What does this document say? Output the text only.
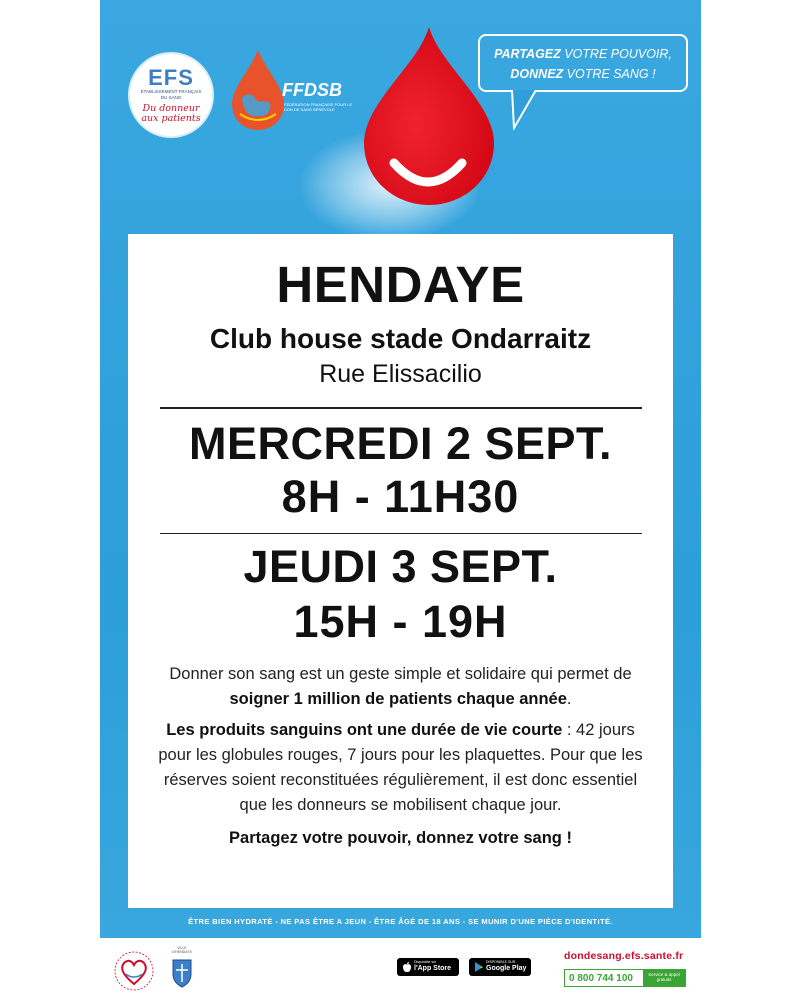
EFS
ÉTABLISSEMENT FRANÇAIS DU SANG
Du donneur
aux patients
FFDSB
FÉDÉRATION FRANÇAISE POUR LE DON DE SANG BÉNÉVOLE
PARTAGEZ VOTRE POUVOIR,
DONNEZ VOTRE SANG !
HENDAYE
Club house stade Ondarraitz
Rue Elissacilio
MERCREDI 2 SEPT.
8H - 11H30
JEUDI 3 SEPT.
15H - 19H
Donner son sang est un geste simple et solidaire qui permet de soigner 1 million de patients chaque année.
Les produits sanguins ont une durée de vie courte : 42 jours pour les globules rouges, 7 jours pour les plaquettes. Pour que les réserves soient reconstituées régulièrement, il est donc essentiel que les donneurs se mobilisent chaque jour.
Partagez votre pouvoir, donnez votre sang !
ÊTRE BIEN HYDRATÉ - NE PAS ÊTRE A JEUN - ÊTRE ÂGÉ DE 18 ANS - SE MUNIR D'UNE PIÈCE D'IDENTITÉ.
VILLE D'HENDAYE
Disponible sur
l'App Store
DISPONIBLE SUR
Google Play
dondesang.efs.sante.fr
0 800 744 100	Service & appel gratuits
